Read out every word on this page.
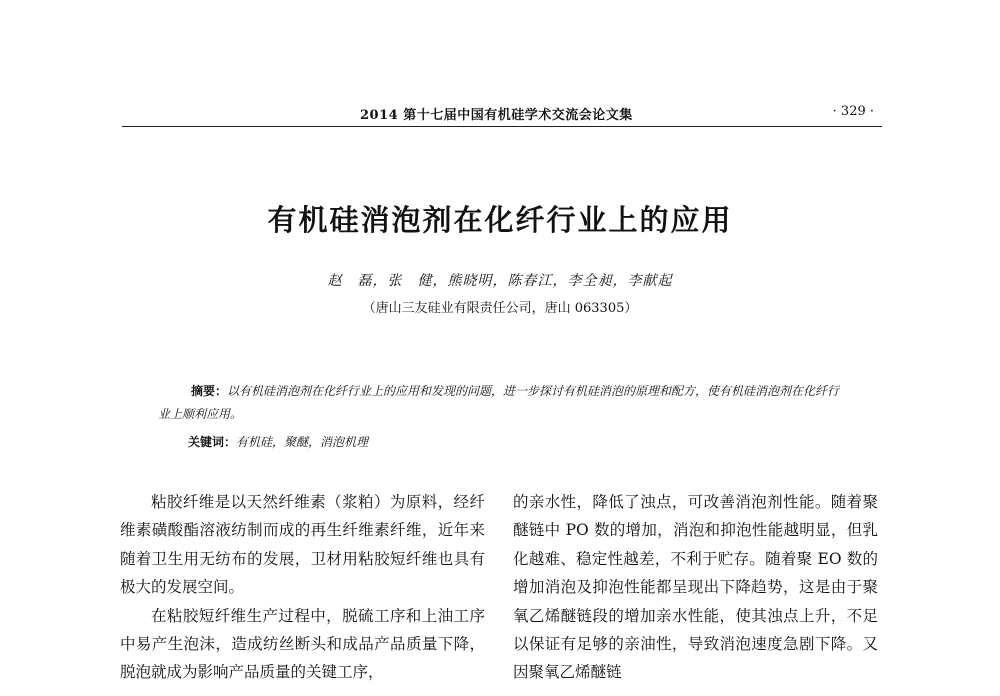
2014 第十七届中国有机硅学术交流会论文集	· 329 ·
有机硅消泡剂在化纤行业上的应用
赵　磊，张　健，熊晓明，陈春江，李全昶，李献起
（唐山三友硅业有限责任公司，唐山 063305）

摘要：以有机硅消泡剂在化纤行业上的应用和发现的问题，进一步探讨有机硅消泡的原理和配方，使有机硅消泡剂在化纤行业上顺利应用。

关键词：有机硅，聚醚，消泡机理

粘胶纤维是以天然纤维素（浆粕）为原料，经纤维素磺酸酯溶液纺制而成的再生纤维素纤维，近年来随着卫生用无纺布的发展，卫材用粘胶短纤维也具有极大的发展空间。

在粘胶短纤维生产过程中，脱硫工序和上油工序中易产生泡沫，造成纺丝断头和成品产品质量下降，脱泡就成为影响产品质量的关键工序，

的亲水性，降低了浊点，可改善消泡剂性能。随着聚醚链中 PO 数的增加，消泡和抑泡性能越明显，但乳化越难、稳定性越差，不利于贮存。随着聚 EO 数的增加消泡及抑泡性能都呈现出下降趋势，这是由于聚氧乙烯醚链段的增加亲水性能，使其浊点上升，不足以保证有足够的亲油性，导致消泡速度急剧下降。又因聚氧乙烯醚链
